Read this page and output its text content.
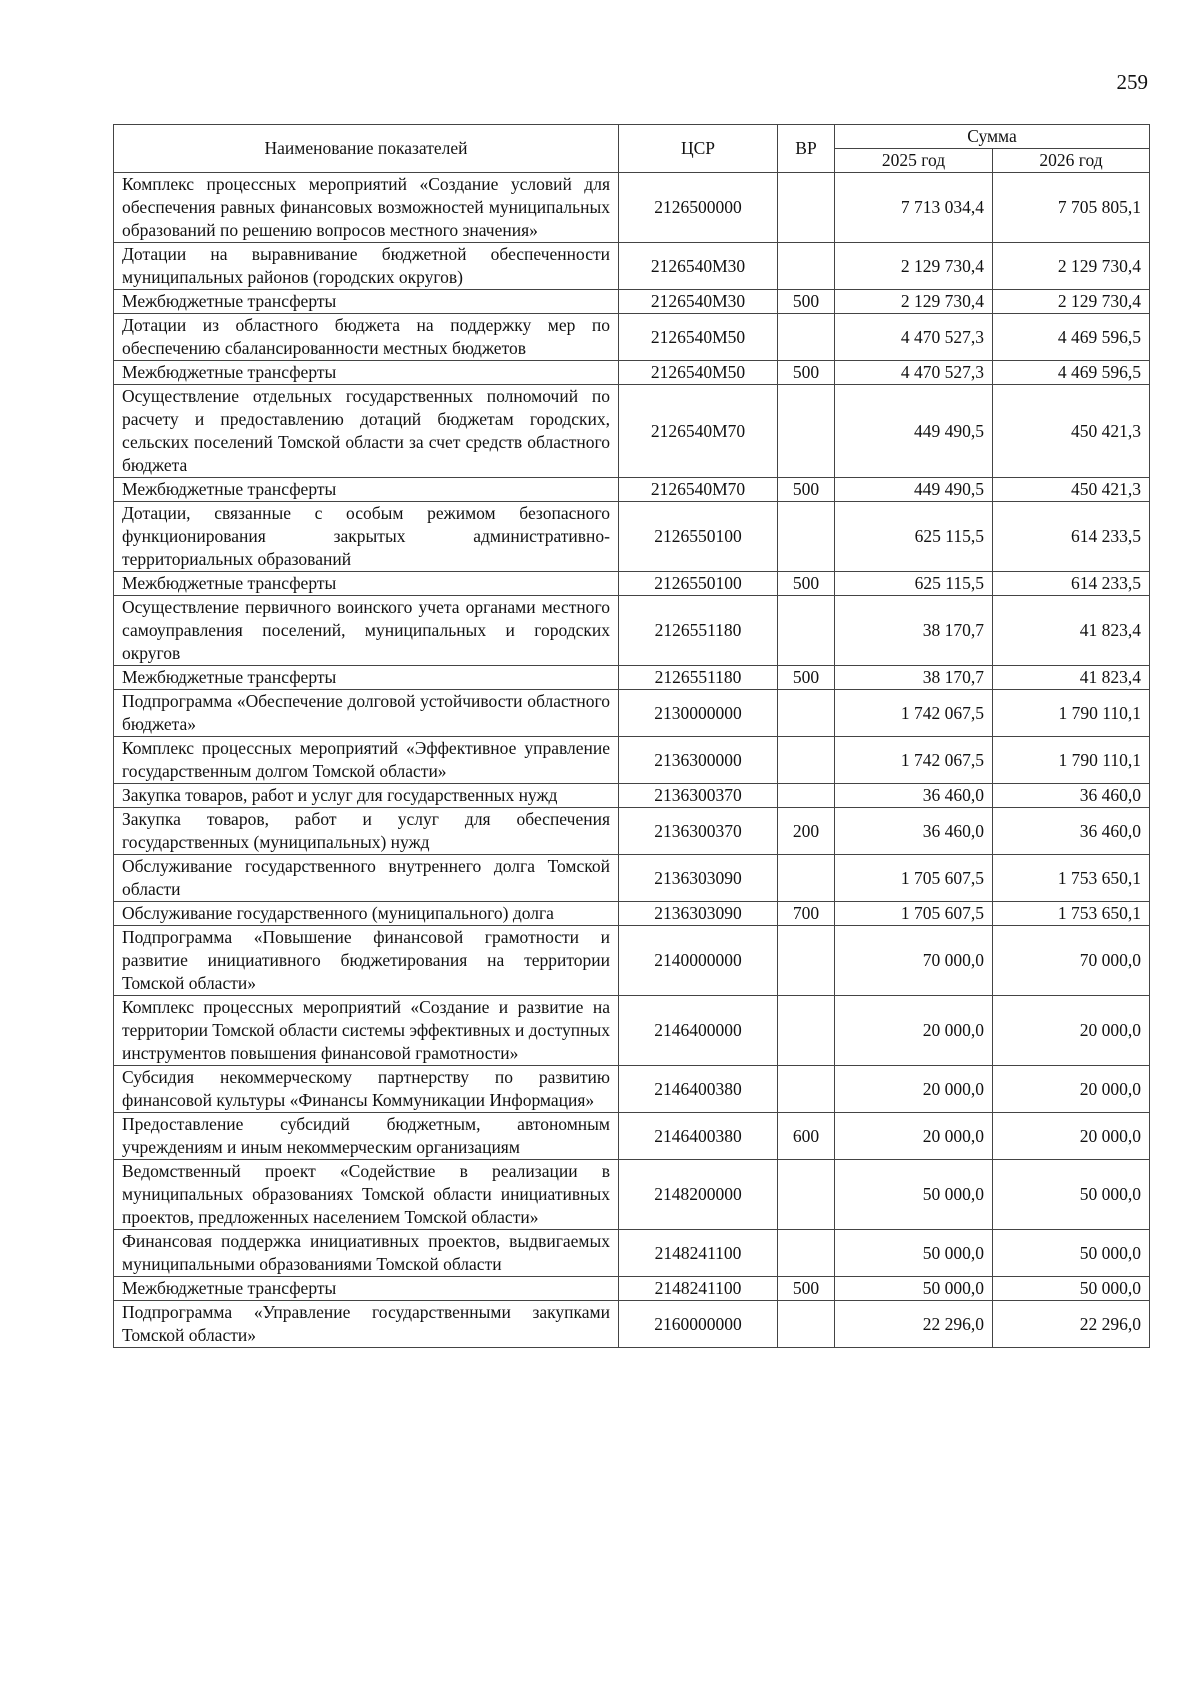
259
Наименование показателей	ЦСР	ВР	Сумма	
			2025 год	2026 год
Комплекс процессных мероприятий «Создание условий для обеспечения равных финансовых возможностей муниципальных образований по решению вопросов местного значения»	2126500000		7 713 034,4	7 705 805,1
Дотации на выравнивание бюджетной обеспеченности муниципальных районов (городских округов)	2126540М30		2 129 730,4	2 129 730,4
Межбюджетные трансферты	2126540М30	500	2 129 730,4	2 129 730,4
Дотации из областного бюджета на поддержку мер по обеспечению сбалансированности местных бюджетов	2126540М50		4 470 527,3	4 469 596,5
Межбюджетные трансферты	2126540М50	500	4 470 527,3	4 469 596,5
Осуществление отдельных государственных полномочий по расчету и предоставлению дотаций бюджетам городских, сельских поселений Томской области за счет средств областного бюджета	2126540М70		449 490,5	450 421,3
Межбюджетные трансферты	2126540М70	500	449 490,5	450 421,3
Дотации, связанные с особым режимом безопасного функционирования закрытых административно-территориальных образований	2126550100		625 115,5	614 233,5
Межбюджетные трансферты	2126550100	500	625 115,5	614 233,5
Осуществление первичного воинского учета органами местного самоуправления поселений, муниципальных и городских округов	2126551180		38 170,7	41 823,4
Межбюджетные трансферты	2126551180	500	38 170,7	41 823,4
Подпрограмма «Обеспечение долговой устойчивости областного бюджета»	2130000000		1 742 067,5	1 790 110,1
Комплекс процессных мероприятий «Эффективное управление государственным долгом Томской области»	2136300000		1 742 067,5	1 790 110,1
Закупка товаров, работ и услуг для государственных нужд	2136300370		36 460,0	36 460,0
Закупка товаров, работ и услуг для обеспечения государственных (муниципальных) нужд	2136300370	200	36 460,0	36 460,0
Обслуживание государственного внутреннего долга Томской области	2136303090		1 705 607,5	1 753 650,1
Обслуживание государственного (муниципального) долга	2136303090	700	1 705 607,5	1 753 650,1
Подпрограмма «Повышение финансовой грамотности и развитие инициативного бюджетирования на территории Томской области»	2140000000		70 000,0	70 000,0
Комплекс процессных мероприятий «Создание и развитие на территории Томской области системы эффективных и доступных инструментов повышения финансовой грамотности»	2146400000		20 000,0	20 000,0
Субсидия некоммерческому партнерству по развитию финансовой культуры «Финансы Коммуникации Информация»	2146400380		20 000,0	20 000,0
Предоставление субсидий бюджетным, автономным учреждениям и иным некоммерческим организациям	2146400380	600	20 000,0	20 000,0
Ведомственный проект «Содействие в реализации в муниципальных образованиях Томской области инициативных проектов, предложенных населением Томской области»	2148200000		50 000,0	50 000,0
Финансовая поддержка инициативных проектов, выдвигаемых муниципальными образованиями Томской области	2148241100		50 000,0	50 000,0
Межбюджетные трансферты	2148241100	500	50 000,0	50 000,0
Подпрограмма «Управление государственными закупками Томской области»	2160000000		22 296,0	22 296,0
